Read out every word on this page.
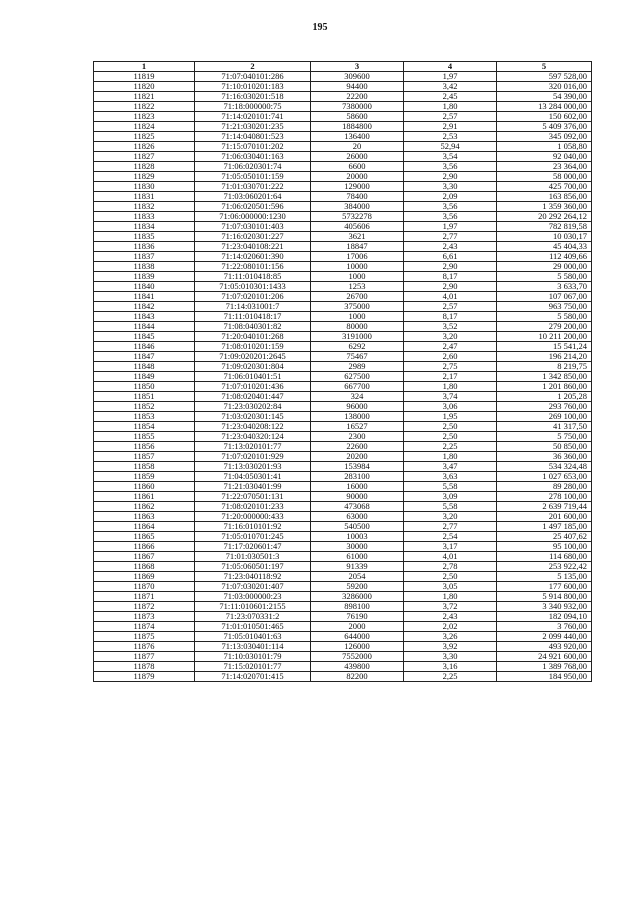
195
1	2	3	4	5
11819	71:07:040101:286	309600	1,97	597 528,00
11820	71:10:010201:183	94400	3,42	320 016,00
11821	71:16:030201:518	22200	2,45	54 390,00
11822	71:18:000000:75	7380000	1,80	13 284 000,00
11823	71:14:020101:741	58600	2,57	150 602,00
11824	71:21:030201:235	1884800	2,91	5 409 376,00
11825	71:14:040801:523	136400	2,53	345 092,00
11826	71:15:070101:202	20	52,94	1 058,80
11827	71:06:030401:163	26000	3,54	92 040,00
11828	71:06:020301:74	6600	3,56	23 364,00
11829	71:05:050101:159	20000	2,90	58 000,00
11830	71:01:030701:222	129000	3,30	425 700,00
11831	71:03:060201:64	78400	2,09	163 856,00
11832	71:06:020501:596	384000	3,56	1 359 360,00
11833	71:06:000000:1230	5732278	3,56	20 292 264,12
11834	71:07:030101:403	405606	1,97	782 819,58
11835	71:16:020301:227	3621	2,77	10 030,17
11836	71:23:040108:221	18847	2,43	45 404,33
11837	71:14:020601:390	17006	6,61	112 409,66
11838	71:22:080101:156	10000	2,90	29 000,00
11839	71:11:010418:85	1000	8,17	5 580,00
11840	71:05:010301:1433	1253	2,90	3 633,70
11841	71:07:020101:206	26700	4,01	107 067,00
11842	71:14:031001:7	375000	2,57	963 750,00
11843	71:11:010418:17	1000	8,17	5 580,00
11844	71:08:040301:82	80000	3,52	279 200,00
11845	71:20:040101:268	3191000	3,20	10 211 200,00
11846	71:08:010201:159	6292	2,47	15 541,24
11847	71:09:020201:2645	75467	2,60	196 214,20
11848	71:09:020301:804	2989	2,75	8 219,75
11849	71:06:010401:51	627500	2,17	1 342 850,00
11850	71:07:010201:436	667700	1,80	1 201 860,00
11851	71:08:020401:447	324	3,74	1 205,28
11852	71:23:030202:84	96000	3,06	293 760,00
11853	71:03:020301:145	138000	1,95	269 100,00
11854	71:23:040208:122	16527	2,50	41 317,50
11855	71:23:040320:124	2300	2,50	5 750,00
11856	71:13:020101:77	22600	2,25	50 850,00
11857	71:07:020101:929	20200	1,80	36 360,00
11858	71:13:030201:93	153984	3,47	534 324,48
11859	71:04:050301:41	283100	3,63	1 027 653,00
11860	71:21:030401:99	16000	5,58	89 280,00
11861	71:22:070501:131	90000	3,09	278 100,00
11862	71:08:020101:233	473068	5,58	2 639 719,44
11863	71:20:000000:433	63000	3,20	201 600,00
11864	71:16:010101:92	540500	2,77	1 497 185,00
11865	71:05:010701:245	10003	2,54	25 407,62
11866	71:17:020601:47	30000	3,17	95 100,00
11867	71:01:030501:3	61000	4,01	114 680,00
11868	71:05:060501:197	91339	2,78	253 922,42
11869	71:23:040118:92	2054	2,50	5 135,00
11870	71:07:030201:407	59200	3,05	177 600,00
11871	71:03:000000:23	3286000	1,80	5 914 800,00
11872	71:11:010601:2155	898100	3,72	3 340 932,00
11873	71:23:070331:2	76190	2,43	182 094,10
11874	71:01:010501:465	2000	2,02	3 760,00
11875	71:05:010401:63	644000	3,26	2 099 440,00
11876	71:13:030401:114	126000	3,92	493 920,00
11877	71:10:030101:79	7552000	3,30	24 921 600,00
11878	71:15:020101:77	439800	3,16	1 389 768,00
11879	71:14:020701:415	82200	2,25	184 950,00
